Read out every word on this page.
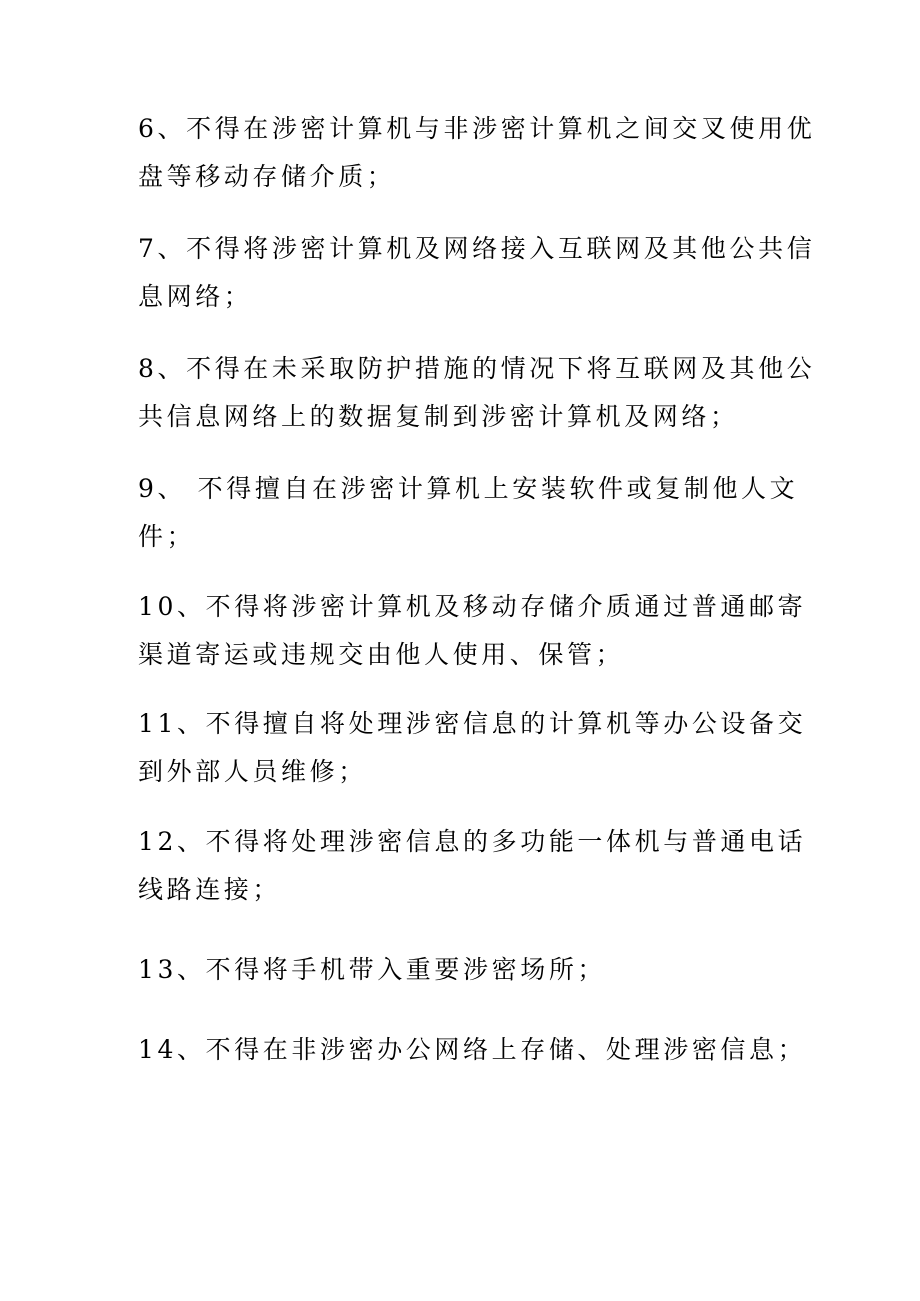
6、不得在涉密计算机与非涉密计算机之间交叉使用优
盘等移动存储介质；

7、不得将涉密计算机及网络接入互联网及其他公共信
息网络；

8、不得在未采取防护措施的情况下将互联网及其他公
共信息网络上的数据复制到涉密计算机及网络；

9、 不得擅自在涉密计算机上安装软件或复制他人文
件；

10、不得将涉密计算机及移动存储介质通过普通邮寄
渠道寄运或违规交由他人使用、保管；

11、不得擅自将处理涉密信息的计算机等办公设备交
到外部人员维修；

12、不得将处理涉密信息的多功能一体机与普通电话
线路连接；

13、不得将手机带入重要涉密场所；

14、不得在非涉密办公网络上存储、处理涉密信息；
